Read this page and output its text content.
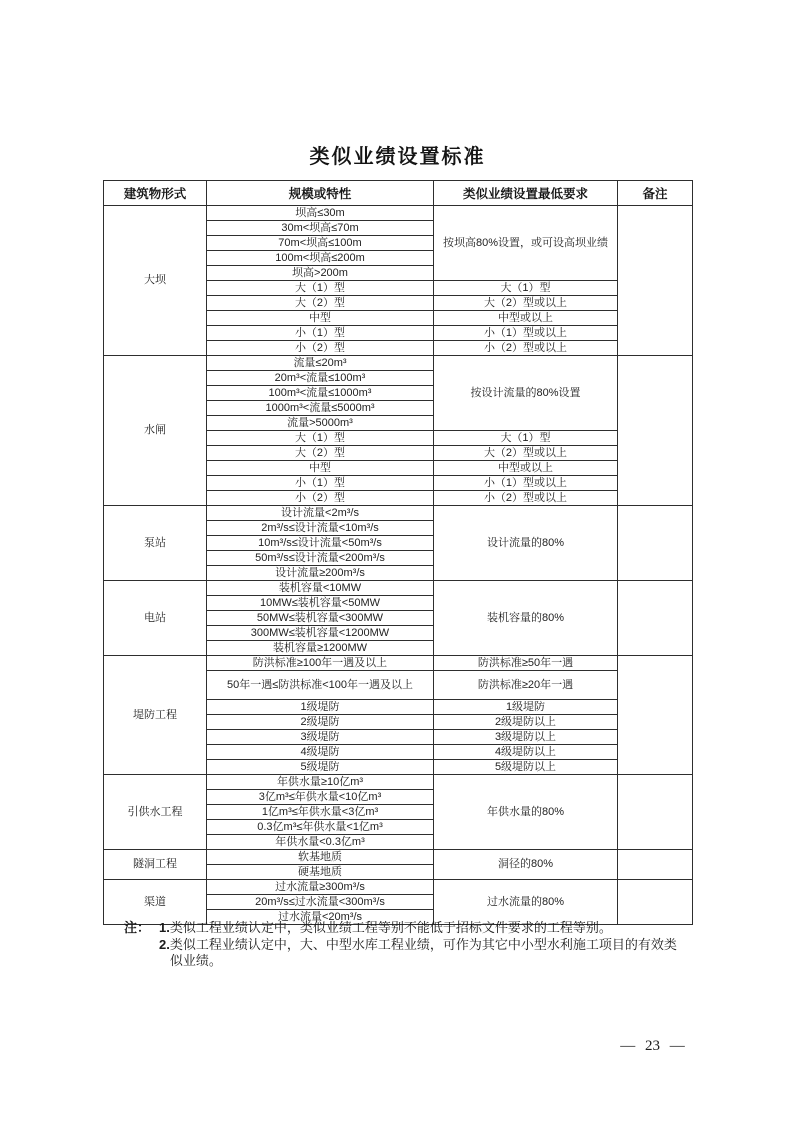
类似业绩设置标准
建筑物形式	规模或特性	类似业绩设置最低要求	备注
大坝	坝高≤30m	按坝高80%设置，或可设高坝业绩	
	30m<坝高≤70m		
	70m<坝高≤100m		
	100m<坝高≤200m		
	坝高>200m		
	大（1）型	大（1）型	
	大（2）型	大（2）型或以上	
	中型	中型或以上	
	小（1）型	小（1）型或以上	
	小（2）型	小（2）型或以上	
水闸	流量≤20m³	按设计流量的80%设置	
	20m³<流量≤100m³		
	100m³<流量≤1000m³		
	1000m³<流量≤5000m³		
	流量>5000m³		
	大（1）型	大（1）型	
	大（2）型	大（2）型或以上	
	中型	中型或以上	
	小（1）型	小（1）型或以上	
	小（2）型	小（2）型或以上	
泵站	设计流量<2m³/s	设计流量的80%	
	2m³/s≤设计流量<10m³/s		
	10m³/s≤设计流量<50m³/s		
	50m³/s≤设计流量<200m³/s		
	设计流量≥200m³/s		
电站	装机容量<10MW	装机容量的80%	
	10MW≤装机容量<50MW		
	50MW≤装机容量<300MW		
	300MW≤装机容量<1200MW		
	装机容量≥1200MW		
堤防工程	防洪标准≥100年一遇及以上	防洪标准≥50年一遇	
	50年一遇≤防洪标准<100年一遇及以上	防洪标准≥20年一遇	
	1级堤防	1级堤防	
	2级堤防	2级堤防以上	
	3级堤防	3级堤防以上	
	4级堤防	4级堤防以上	
	5级堤防	5级堤防以上	
引供水工程	年供水量≥10亿m³	年供水量的80%	
	3亿m³≤年供水量<10亿m³		
	1亿m³≤年供水量<3亿m³		
	0.3亿m³≤年供水量<1亿m³		
	年供水量<0.3亿m³		
隧洞工程	软基地质	洞径的80%	
	硬基地质		
渠道	过水流量≥300m³/s	过水流量的80%	
	20m³/s≤过水流量<300m³/s		
	过水流量<20m³/s		
注： 1. 类似工程业绩认定中，类似业绩工程等别不能低于招标文件要求的工程等别。
2. 类似工程业绩认定中，大、中型水库工程业绩，可作为其它中小型水利施工项目的有效类似业绩。
— 23 —
